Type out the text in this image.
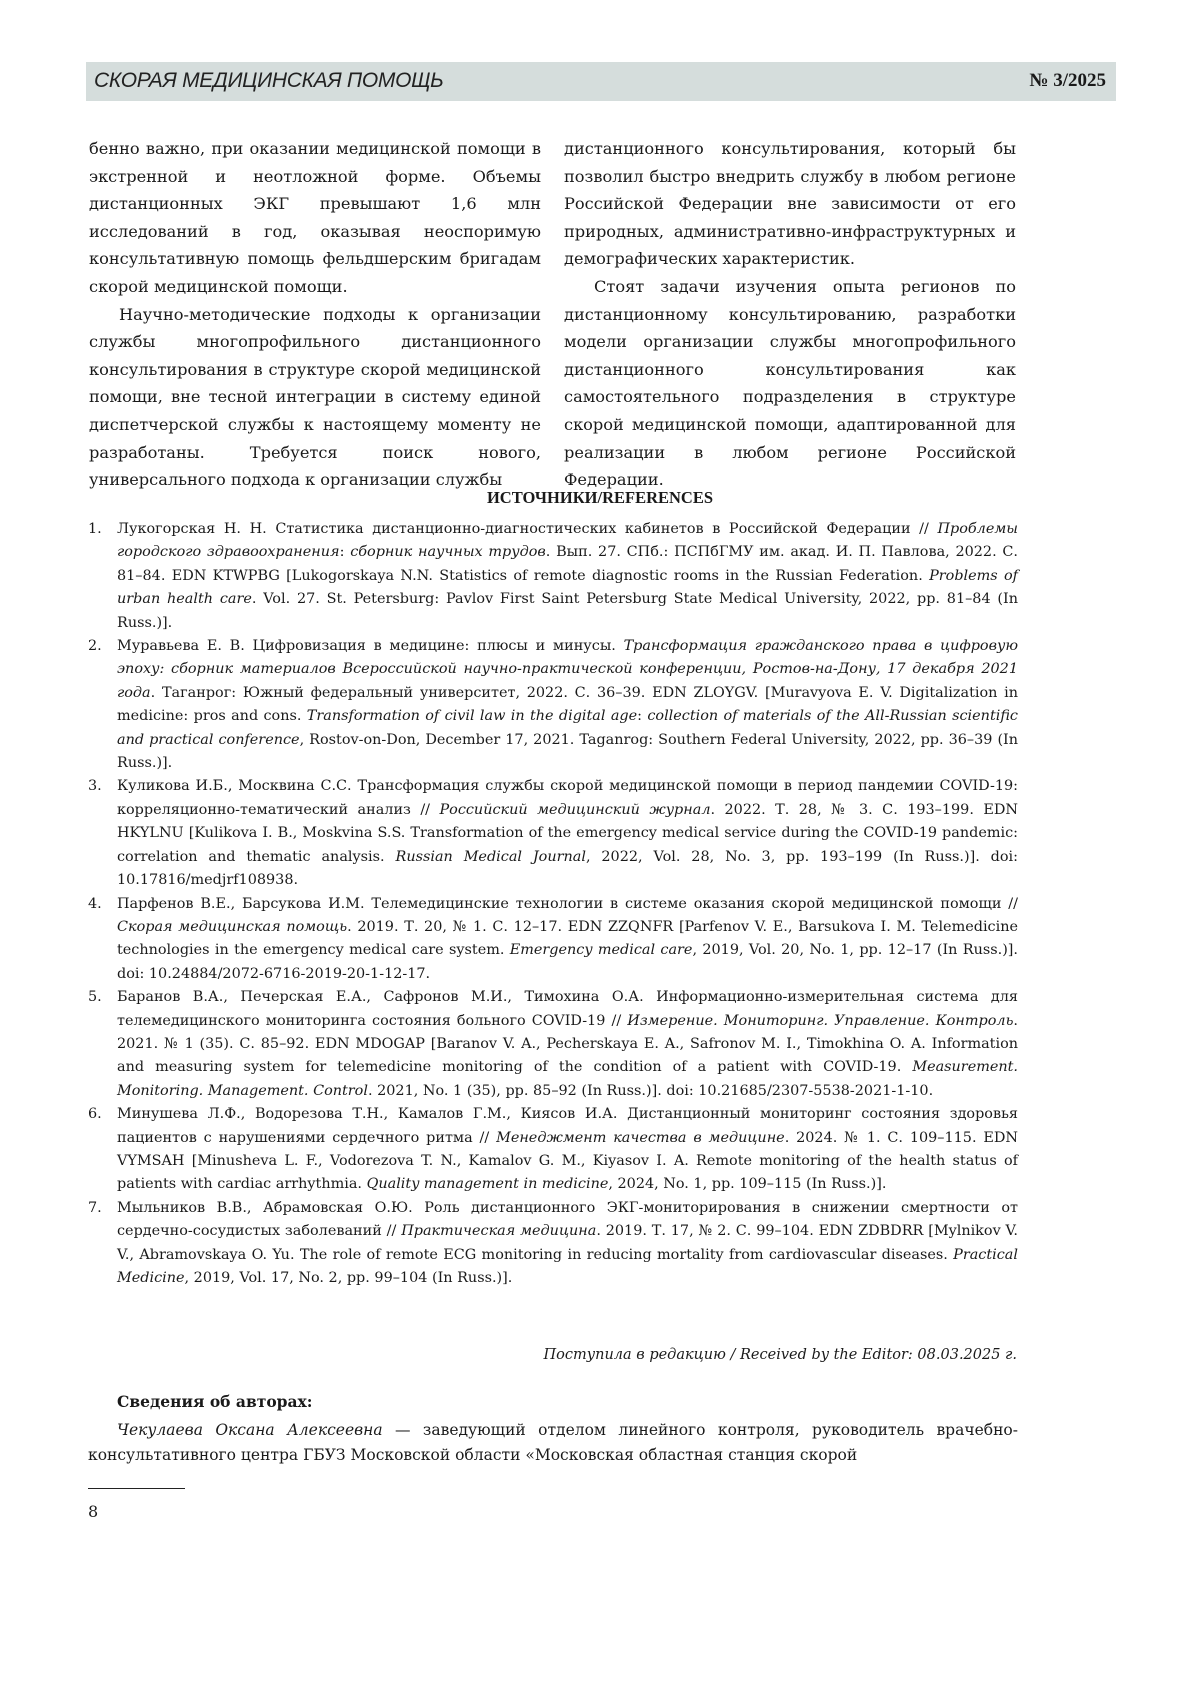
СКОРАЯ МЕДИЦИНСКАЯ ПОМОЩЬ	№ 3/2025

бенно важно, при оказании медицинской помощи в экстренной и неотложной форме. Объемы дистанционных ЭКГ превышают 1,6 млн исследований в год, оказывая неоспоримую консультативную помощь фельдшерским бригадам скорой медицинской помощи.

Научно-методические подходы к организации службы многопрофильного дистанционного консультирования в структуре скорой медицинской помощи, вне тесной интеграции в систему единой диспетчерской службы к настоящему моменту не разработаны. Требуется поиск нового, универсального подхода к организации службы

дистанционного консультирования, который бы позволил быстро внедрить службу в любом регионе Российской Федерации вне зависимости от его природных, административно-инфраструктурных и демографических характеристик.

Стоят задачи изучения опыта регионов по дистанционному консультированию, разработки модели организации службы многопрофильного дистанционного консультирования как самостоятельного подразделения в структуре скорой медицинской помощи, адаптированной для реализации в любом регионе Российской Федерации.

ИСТОЧНИКИ/REFERENCES
1. Лукогорская Н. Н. Статистика дистанционно-диагностических кабинетов в Российской Федерации // Проблемы городского здравоохранения: сборник научных трудов. Вып. 27. СПб.: ПСПбГМУ им. акад. И. П. Павлова, 2022. С. 81–84. EDN KTWPBG [Lukogorskaya N.N. Statistics of remote diagnostic rooms in the Russian Federation. Problems of urban health care. Vol. 27. St. Petersburg: Pavlov First Saint Petersburg State Medical University, 2022, pp. 81–84 (In Russ.)].
2. Муравьева Е. В. Цифровизация в медицине: плюсы и минусы. Трансформация гражданского права в цифровую эпоху: сборник материалов Всероссийской научно-практической конференции, Ростов-на-Дону, 17 декабря 2021 года. Таганрог: Южный федеральный университет, 2022. С. 36–39. EDN ZLOYGV. [Muravyova E. V. Digitalization in medicine: pros and cons. Transformation of civil law in the digital age: collection of materials of the All-Russian scientific and practical conference, Rostov-on-Don, December 17, 2021. Taganrog: Southern Federal University, 2022, pp. 36–39 (In Russ.)].
3. Куликова И.Б., Москвина С.С. Трансформация службы скорой медицинской помощи в период пандемии COVID-19: корреляционно-тематический анализ // Российский медицинский журнал. 2022. Т. 28, № 3. С. 193–199. EDN HKYLNU [Kulikova I. B., Moskvina S.S. Transformation of the emergency medical service during the COVID-19 pandemic: correlation and thematic analysis. Russian Medical Journal, 2022, Vol. 28, No. 3, pp. 193–199 (In Russ.)]. doi: 10.17816/medjrf108938.
4. Парфенов В.Е., Барсукова И.М. Телемедицинские технологии в системе оказания скорой медицинской помощи // Скорая медицинская помощь. 2019. Т. 20, № 1. С. 12–17. EDN ZZQNFR [Parfenov V. E., Barsukova I. M. Telemedicine technologies in the emergency medical care system. Emergency medical care, 2019, Vol. 20, No. 1, pp. 12–17 (In Russ.)]. doi: 10.24884/2072-6716-2019-20-1-12-17.
5. Баранов В.А., Печерская Е.А., Сафронов М.И., Тимохина О.А. Информационно-измерительная система для телемедицинского мониторинга состояния больного COVID-19 // Измерение. Мониторинг. Управление. Контроль. 2021. № 1 (35). С. 85–92. EDN MDOGAP [Baranov V. A., Pecherskaya E. A., Safronov M. I., Timokhina O. A. Information and measuring system for telemedicine monitoring of the condition of a patient with COVID-19. Measurement. Monitoring. Management. Control. 2021, No. 1 (35), pp. 85–92 (In Russ.)]. doi: 10.21685/2307-5538-2021-1-10.
6. Минушева Л.Ф., Водорезова Т.Н., Камалов Г.М., Киясов И.А. Дистанционный мониторинг состояния здоровья пациентов с нарушениями сердечного ритма // Менеджмент качества в медицине. 2024. № 1. С. 109–115. EDN VYMSAH [Minusheva L. F., Vodorezova T. N., Kamalov G. M., Kiyasov I. A. Remote monitoring of the health status of patients with cardiac arrhythmia. Quality management in medicine, 2024, No. 1, pp. 109–115 (In Russ.)].
7. Мыльников В.В., Абрамовская О.Ю. Роль дистанционного ЭКГ-мониторирования в снижении смертности от сердечно-сосудистых заболеваний // Практическая медицина. 2019. Т. 17, № 2. С. 99–104. EDN ZDBDRR [Mylnikov V. V., Abramovskaya O. Yu. The role of remote ECG monitoring in reducing mortality from cardiovascular diseases. Practical Medicine, 2019, Vol. 17, No. 2, pp. 99–104 (In Russ.)].
Поступила в редакцию / Received by the Editor: 08.03.2025 г.
Сведения об авторах:
Чекулаева Оксана Алексеевна — заведующий отделом линейного контроля, руководитель врачебно-консультативного центра ГБУЗ Московской области «Московская областная станция скорой
8
